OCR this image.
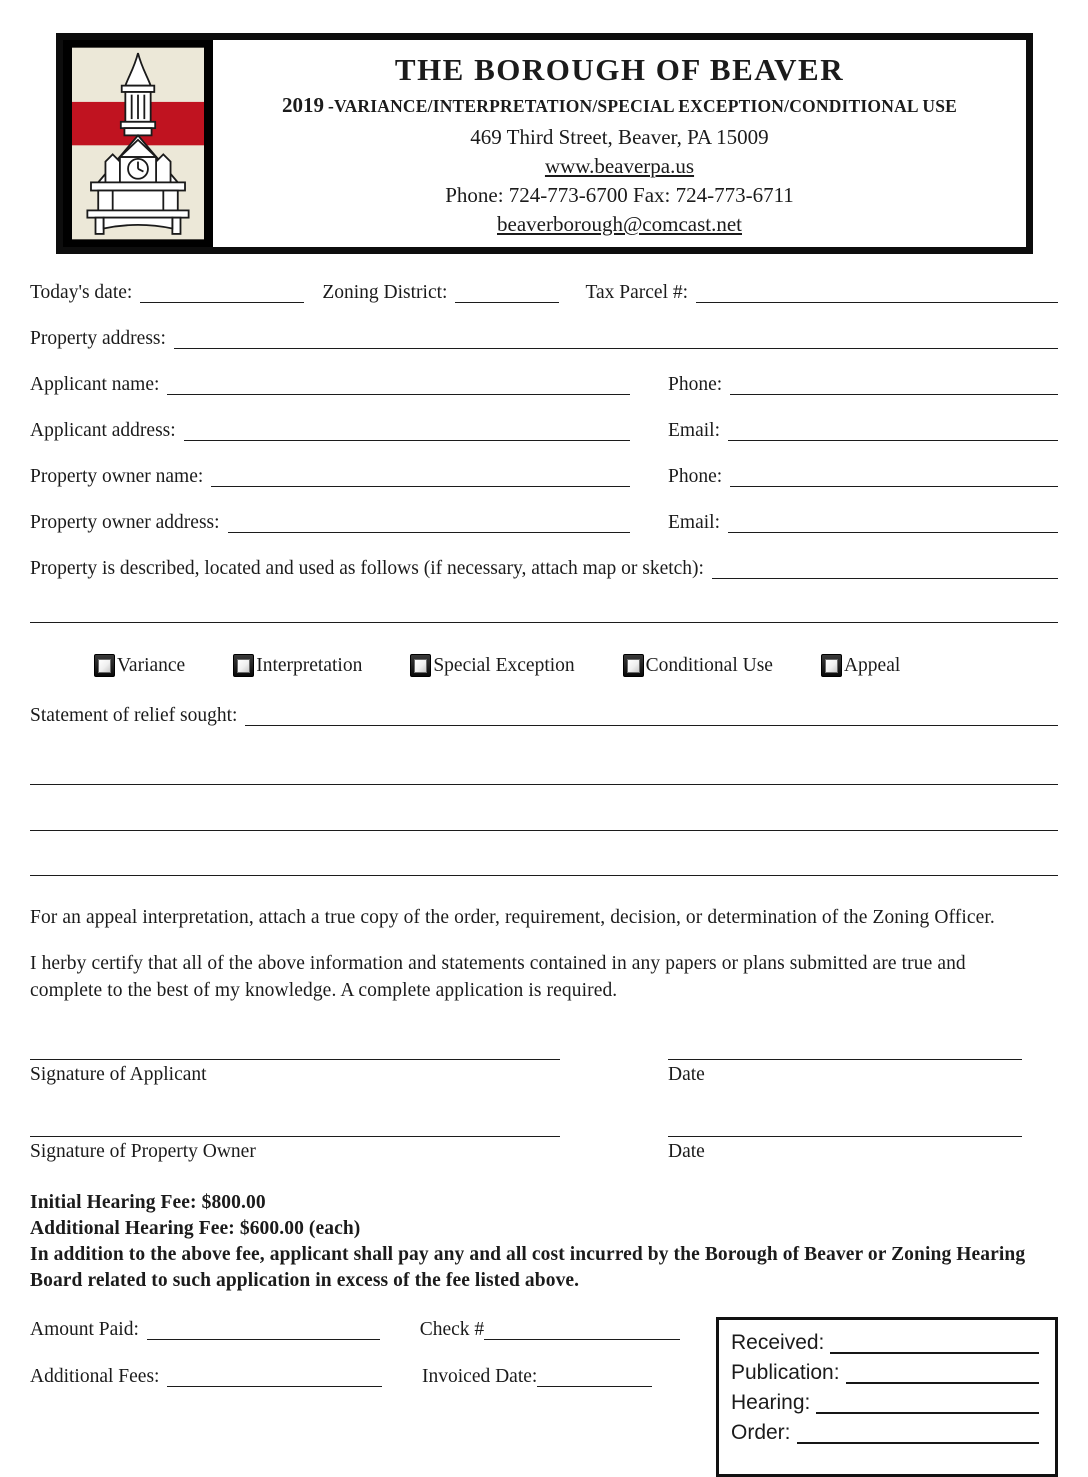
THE BOROUGH OF BEAVER
2019 -VARIANCE/INTERPRETATION/SPECIAL EXCEPTION/CONDITIONAL USE
469 Third Street, Beaver, PA 15009
www.beaverpa.us
Phone: 724-773-6700 Fax: 724-773-6711
beaverborough@comcast.net
Today's date:	Zoning District:	Tax Parcel #:
Property address:
Applicant name:	Phone:
Applicant address:	Email:
Property owner name:	Phone:
Property owner address:	Email:
Property is described, located and used as follows (if necessary, attach map or sketch):
Variance	Interpretation	Special Exception	Conditional Use	Appeal
Statement of relief sought:
For an appeal interpretation, attach a true copy of the order, requirement, decision, or determination of the Zoning Officer.
I herby certify that all of the above information and statements contained in any papers or plans submitted are true and complete to the best of my knowledge. A complete application is required.
Signature of Applicant	Date
Signature of Property Owner	Date
Initial Hearing Fee: $800.00
Additional Hearing Fee: $600.00 (each)
In addition to the above fee, applicant shall pay any and all cost incurred by the Borough of Beaver or Zoning Hearing Board related to such application in excess of the fee listed above.
Amount Paid:	Check #
Additional Fees:	Invoiced Date:
Received:
Publication:
Hearing:
Order:
